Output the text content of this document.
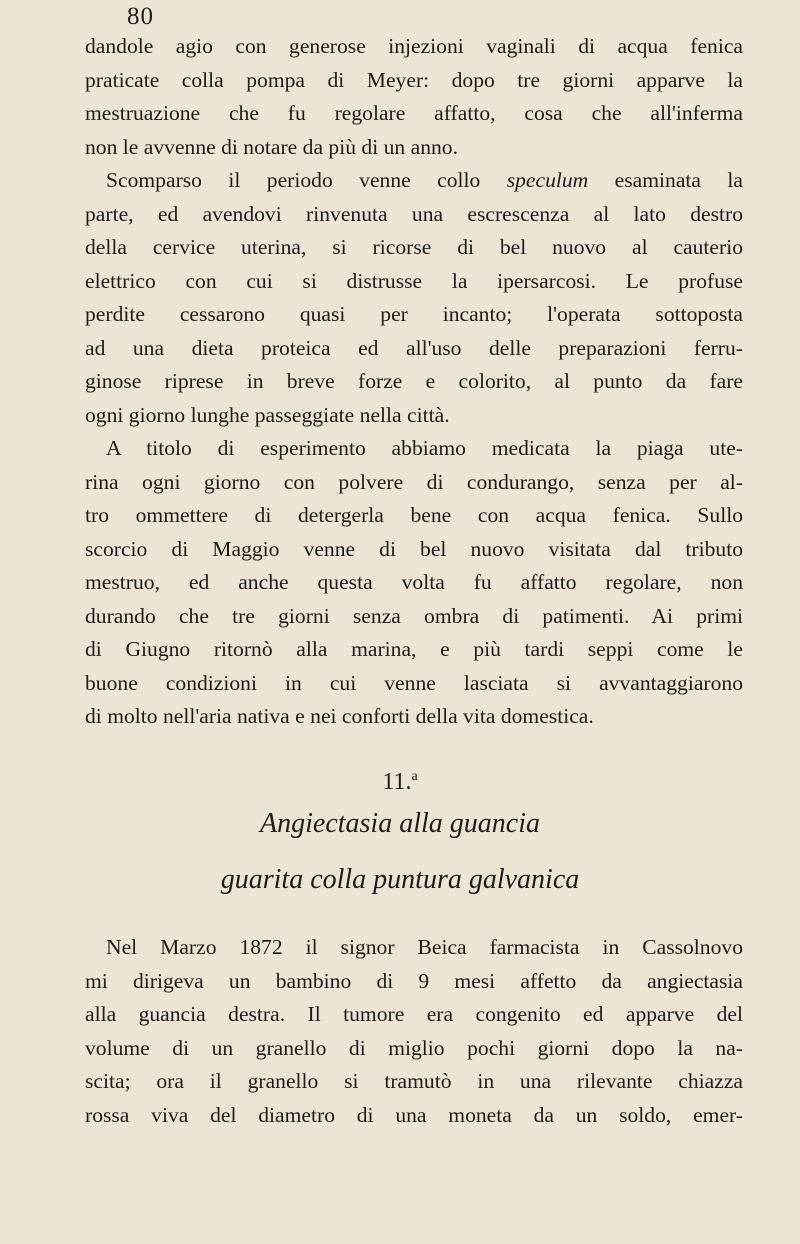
80
dandole agio con generose injezioni vaginali di acqua fenica
praticate colla pompa di Meyer: dopo tre giorni apparve la
mestruazione che fu regolare affatto, cosa che all'inferma
non le avvenne di notare da più di un anno.
Scomparso il periodo venne collo speculum esaminata la
parte, ed avendovi rinvenuta una escrescenza al lato destro
della cervice uterina, si ricorse di bel nuovo al cauterio
elettrico con cui si distrusse la ipersarcosi. Le profuse
perdite cessarono quasi per incanto; l'operata sottoposta
ad una dieta proteica ed all'uso delle preparazioni ferru-
ginose riprese in breve forze e colorito, al punto da fare
ogni giorno lunghe passeggiate nella città.
A titolo di esperimento abbiamo medicata la piaga ute-
rina ogni giorno con polvere di condurango, senza per al-
tro ommettere di detergerla bene con acqua fenica. Sullo
scorcio di Maggio venne di bel nuovo visitata dal tributo
mestruo, ed anche questa volta fu affatto regolare, non
durando che tre giorni senza ombra di patimenti. Ai primi
di Giugno ritornò alla marina, e più tardi seppi come le
buone condizioni in cui venne lasciata si avvantaggiarono
di molto nell'aria nativa e nei conforti della vita domestica.
11.$^a$
Angiectasia alla guancia
guarita colla puntura galvanica
Nel Marzo 1872 il signor Beica farmacista in Cassolnovo
mi dirigeva un bambino di 9 mesi affetto da angiectasia
alla guancia destra. Il tumore era congenito ed apparve del
volume di un granello di miglio pochi giorni dopo la na-
scita; ora il granello si tramutò in una rilevante chiazza
rossa viva del diametro di una moneta da un soldo, emer-
